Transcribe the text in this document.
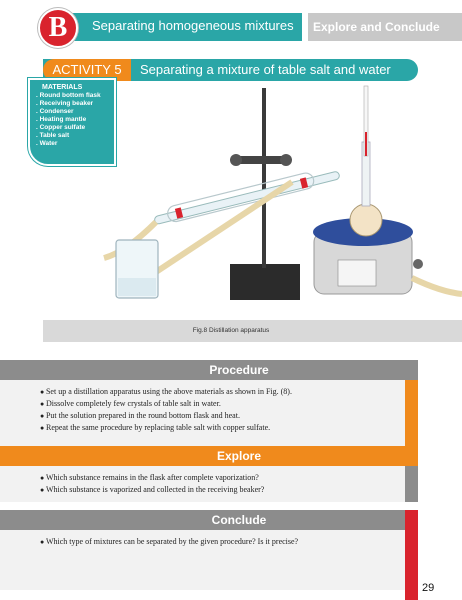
B Separating homogeneous mixtures Explore and Conclude
ACTIVITY 5	Separating a mixture of table salt and water
MATERIALS
. Round bottom flask
. Receiving beaker
. Condenser
. Heating mantle
. Copper sulfate
. Table salt
. Water
Fig.8 Distillation apparatus
Procedure
● Set up a distillation apparatus using the above materials as shown in Fig. (8).
● Dissolve completely few crystals of table salt in water.
● Put the solution prepared in the round bottom flask and heat.
● Repeat the same procedure by replacing table salt with copper sulfate.
Explore
● Which substance remains in the flask after complete vaporization?
● Which substance is vaporized and collected in the receiving beaker?
Conclude
● Which type of mixtures can be separated by the given procedure? Is it precise?
29
